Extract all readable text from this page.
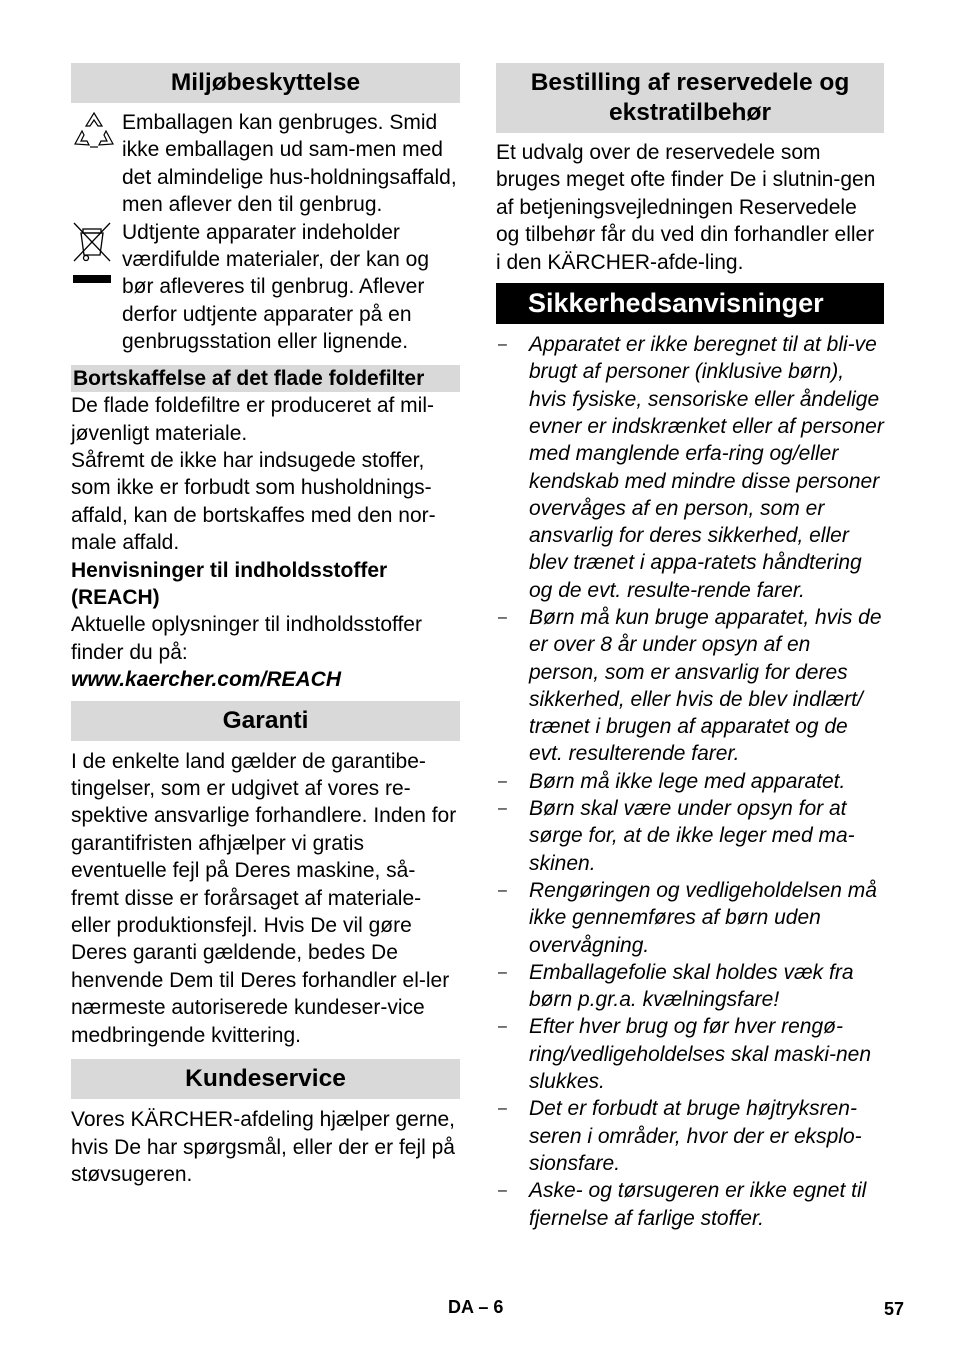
Miljøbeskyttelse

Emballagen kan genbruges. Smid ikke emballagen ud sam-men med det almindelige hus-holdningsaffald, men aflever den til genbrug.

Udtjente apparater indeholder værdifulde materialer, der kan og bør afleveres til genbrug. Aflever derfor udtjente apparater på en genbrugsstation eller lignende.

Bortskaffelse af det flade foldefilter

De flade foldefiltre er produceret af mil-jøvenligt materiale.

Såfremt de ikke har indsugede stoffer, som ikke er forbudt som husholdnings-affald, kan de bortskaffes med den nor-male affald.

Henvisninger til indholdsstoffer (REACH)

Aktuelle oplysninger til indholdsstoffer finder du på:

www.kaercher.com/REACH

Garanti

I de enkelte land gælder de garantibe-tingelser, som er udgivet af vores re-spektive ansvarlige forhandlere. Inden for garantifristen afhjælper vi gratis eventuelle fejl på Deres maskine, så-fremt disse er forårsaget af materiale- eller produktionsfejl. Hvis De vil gøre Deres garanti gældende, bedes De henvende Dem til Deres forhandler el-ler nærmeste autoriserede kundeser-vice medbringende kvittering.

Kundeservice

Vores KÄRCHER-afdeling hjælper gerne, hvis De har spørgsmål, eller der er fejl på støvsugeren.

Bestilling af reservedele og ekstratilbehør

Et udvalg over de reservedele som bruges meget ofte finder De i slutnin-gen af betjeningsvejledningen Reservedele og tilbehør får du ved din forhandler eller i den KÄRCHER-afde-ling.

Sikkerhedsanvisninger
– Apparatet er ikke beregnet til at bli-ve brugt af personer (inklusive børn), hvis fysiske, sensoriske eller åndelige evner er indskrænket eller af personer med manglende erfa-ring og/eller kendskab med mindre disse personer overvåges af en person, som er ansvarlig for deres sikkerhed, eller blev trænet i appa-ratets håndtering og de evt. resulte-rende farer.
– Børn må kun bruge apparatet, hvis de er over 8 år under opsyn af en person, som er ansvarlig for deres sikkerhed, eller hvis de blev indlært/ trænet i brugen af apparatet og de evt. resulterende farer.
– Børn må ikke lege med apparatet.
– Børn skal være under opsyn for at sørge for, at de ikke leger med ma-skinen.
– Rengøringen og vedligeholdelsen må ikke gennemføres af børn uden overvågning.
– Emballagefolie skal holdes væk fra børn p.gr.a. kvælningsfare!
– Efter hver brug og før hver rengø-ring/vedligeholdelses skal maski-nen slukkes.
– Det er forbudt at bruge højtryksren-seren i områder, hvor der er eksplo-sionsfare.
– Aske- og tørsugeren er ikke egnet til fjernelse af farlige stoffer.
DA – 6	57
